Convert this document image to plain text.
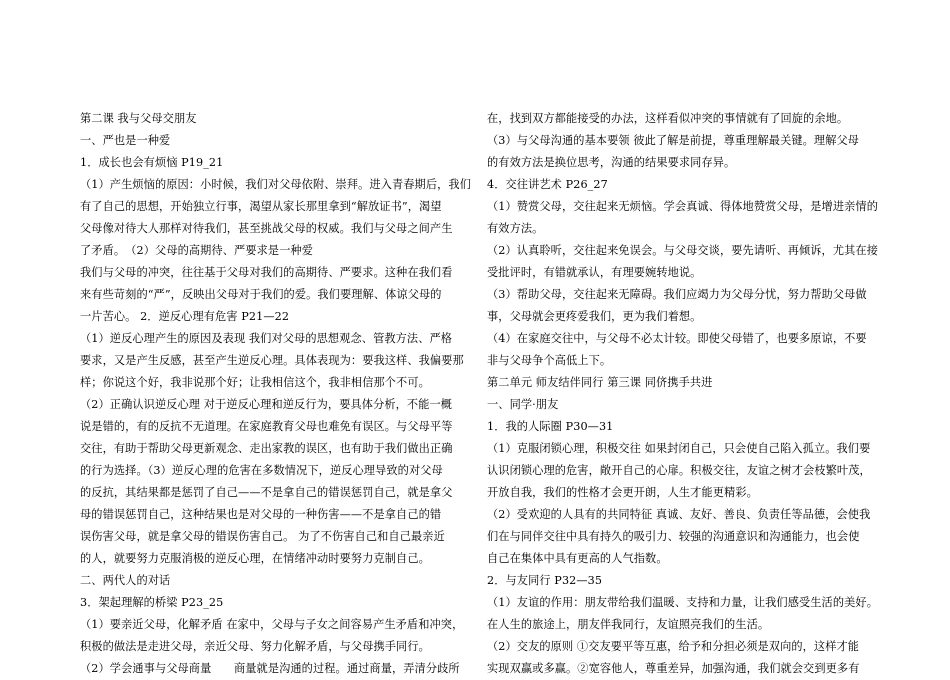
第二课 我与父母交朋友
一、严也是一种爱
1．成长也会有烦恼 P19_21
（1）产生烦恼的原因：小时候，我们对父母依附、崇拜。进入青春期后，我们
有了自己的思想，开始独立行事，渴望从家长那里拿到“解放证书”，渴望
父母像对待大人那样对待我们，甚至挑战父母的权威。我们与父母之间产生
了矛盾。　（2）父母的高期待、严要求是一种爱
我们与父母的冲突，往往基于父母对我们的高期待、严要求。这种在我们看
来有些苛刻的“严”，反映出父母对于我们的爱。我们要理解、体谅父母的
一片苦心。 2．逆反心理有危害 P21—22
（1）逆反心理产生的原因及表现 我们对父母的思想观念、管教方法、严格
要求，又是产生反感，甚至产生逆反心理。具体表现为：要我这样、我偏要那
样；你说这个好，我非说那个好；让我相信这个，我非相信那个不可。
（2）正确认识逆反心理 对于逆反心理和逆反行为，要具体分析，不能一概
说是错的，有的反抗不无道理。在家庭教育父母也难免有误区。与父母平等
交往，有助于帮助父母更新观念、走出家教的误区，也有助于我们做出正确
的行为选择。（3）逆反心理的危害在多数情况下，逆反心理导致的对父母
的反抗，其结果都是惩罚了自己——不是拿自己的错误惩罚自己，就是拿父
母的错误惩罚自己，这种结果也是对父母的一种伤害——不是拿自己的错
误伤害父母，就是拿父母的错误伤害自己。 为了不伤害自己和自己最亲近
的人，就要努力克服消极的逆反心理，在情绪冲动时要努力克制自己。
二、两代人的对话
3．架起理解的桥梁 P23_25
（1）要亲近父母，化解矛盾 在家中，父母与子女之间容易产生矛盾和冲突，
积极的做法是走进父母，亲近父母、努力化解矛盾，与父母携手同行。
（2）学会通事与父母商量　　商量就是沟通的过程。通过商量，弄清分歧所
在，找到双方都能接受的办法，这样看似冲突的事情就有了回旋的余地。
（3）与父母沟通的基本要领 彼此了解是前提，尊重理解最关键。理解父母
的有效方法是换位思考，沟通的结果要求同存异。
4．交往讲艺术 P26_27
（1）赞赏父母，交往起来无烦恼。学会真诚、得体地赞赏父母，是增进亲情的
有效方法。
（2）认真聆听，交往起来免误会。与父母交谈，要先请听、再倾诉，尤其在接
受批评时，有错就承认，有理要婉转地说。
（3）帮助父母，交往起来无障碍。我们应竭力为父母分忧，努力帮助父母做
事，父母就会更疼爱我们，更为我们着想。
（4）在家庭交往中，与父母不必太计较。即使父母错了，也要多原谅，不要
非与父母争个高低上下。
第二单元 师友结伴同行 第三课 同侪携手共进
一、同学·朋友
1．我的人际圈 P30—31
（1）克服闭锁心理，积极交往 如果封闭自己，只会使自己陷入孤立。我们要
认识闭锁心理的危害，敞开自己的心扉。积极交往，友谊之树才会枝繁叶茂，
开放自我，我们的性格才会更开朗，人生才能更精彩。
（2）受欢迎的人具有的共同特征 真诚、友好、善良、负责任等品德，会使我
们在与同伴交往中具有持久的吸引力、较强的沟通意识和沟通能力，也会使
自己在集体中具有更高的人气指数。
2．与友同行 P32—35
（1）友谊的作用：朋友带给我们温暖、支持和力量，让我们感受生活的美好。
在人生的旅途上，朋友伴我同行，友谊照亮我们的生活。
（2）交友的原则 ①交友要平等互惠，给予和分担必须是双向的，这样才能
实现双赢或多赢。②宽容他人，尊重差异，加强沟通，我们就会交到更多有
